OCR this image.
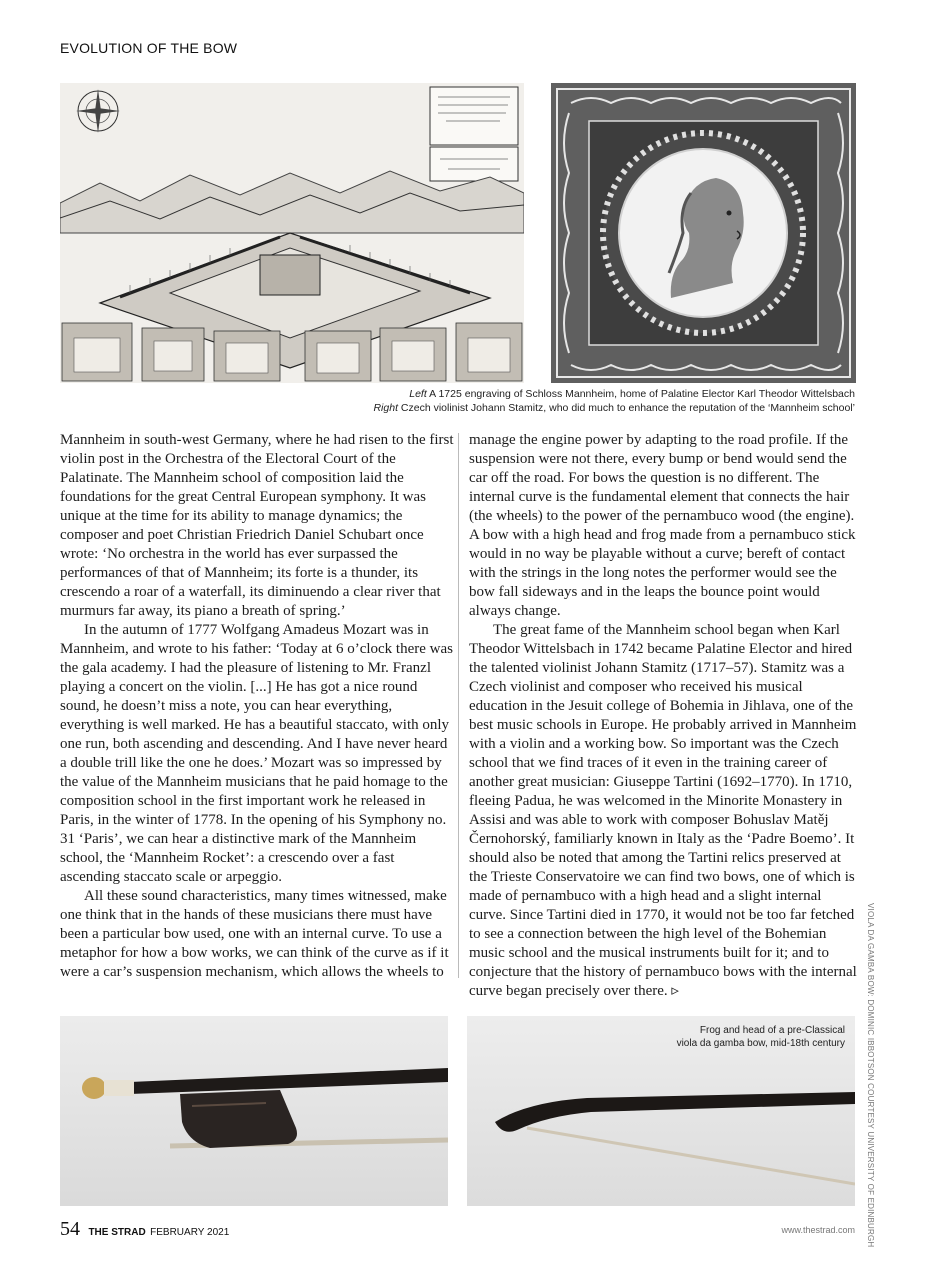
EVOLUTION OF THE BOW
Left A 1725 engraving of Schloss Mannheim, home of Palatine Elector Karl Theodor Wittelsbach
Right Czech violinist Johann Stamitz, who did much to enhance the reputation of the ‘Mannheim school’

Mannheim in south-west Germany, where he had risen to the first violin post in the Orchestra of the Electoral Court of the Palatinate. The Mannheim school of composition laid the foundations for the great Central European symphony. It was unique at the time for its ability to manage dynamics; the composer and poet Christian Friedrich Daniel Schubart once wrote: ‘No orchestra in the world has ever surpassed the performances of that of Mannheim; its forte is a thunder, its crescendo a roar of a waterfall, its diminuendo a clear river that murmurs far away, its piano a breath of spring.’

In the autumn of 1777 Wolfgang Amadeus Mozart was in Mannheim, and wrote to his father: ‘Today at 6 o’clock there was the gala academy. I had the pleasure of listening to Mr. Franzl playing a concert on the violin. [...] He has got a nice round sound, he doesn’t miss a note, you can hear everything, everything is well marked. He has a beautiful staccato, with only one run, both ascending and descending. And I have never heard a double trill like the one he does.’ Mozart was so impressed by the value of the Mannheim musicians that he paid homage to the composition school in the first important work he released in Paris, in the winter of 1778. In the opening of his Symphony no. 31 ‘Paris’, we can hear a distinctive mark of the Mannheim school, the ‘Mannheim Rocket’: a crescendo over a fast ascending staccato scale or arpeggio.

All these sound characteristics, many times witnessed, make one think that in the hands of these musicians there must have been a particular bow used, one with an internal curve. To use a metaphor for how a bow works, we can think of the curve as if it were a car’s suspension mechanism, which allows the wheels to

manage the engine power by adapting to the road profile. If the suspension were not there, every bump or bend would send the car off the road. For bows the question is no different. The internal curve is the fundamental element that connects the hair (the wheels) to the power of the pernambuco wood (the engine). A bow with a high head and frog made from a pernambuco stick would in no way be playable without a curve; bereft of contact with the strings in the long notes the performer would see the bow fall sideways and in the leaps the bounce point would always change.

The great fame of the Mannheim school began when Karl Theodor Wittelsbach in 1742 became Palatine Elector and hired the talented violinist Johann Stamitz (1717–57). Stamitz was a Czech violinist and composer who received his musical education in the Jesuit college of Bohemia in Jihlava, one of the best music schools in Europe. He probably arrived in Mannheim with a violin and a working bow. So important was the Czech school that we find traces of it even in the training career of another great musician: Giuseppe Tartini (1692–1770). In 1710, fleeing Padua, he was welcomed in the Minorite Monastery in Assisi and was able to work with composer Bohuslav Matěj Černohorský, familiarly known in Italy as the ‘Padre Boemo’. It should also be noted that among the Tartini relics preserved at the Trieste Conservatoire we can find two bows, one of which is made of pernambuco with a high head and a slight internal curve. Since Tartini died in 1770, it would not be too far fetched to see a connection between the high level of the Bohemian music school and the musical instruments built for it; and to conjecture that the history of pernambuco bows with the internal curve began precisely over there. ▹

Frog and head of a pre-Classical
viola da gamba bow, mid-18th century	VIOLA DA GAMBA BOW: DOMINIC IBBOTSON COURTESY UNIVERSITY OF EDINBURGH
54 THE STRAD FEBRUARY 2021	www.thestrad.com
